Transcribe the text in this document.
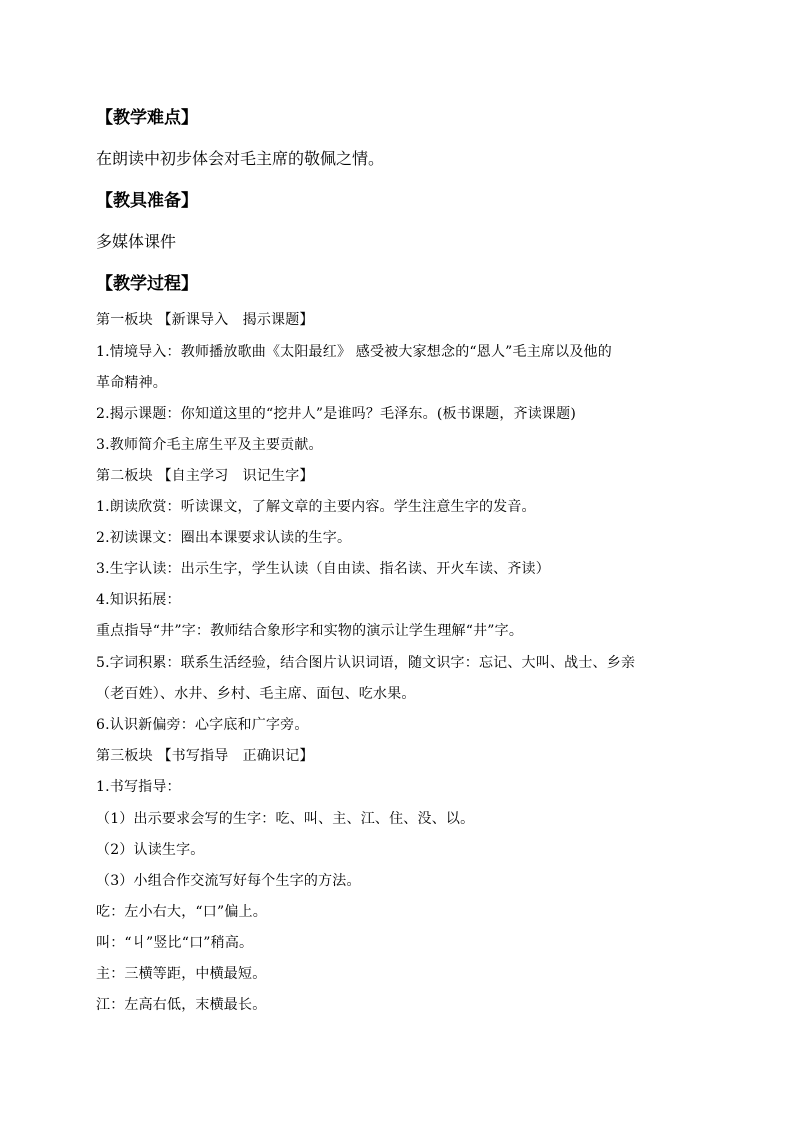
【教学难点】
在朗读中初步体会对毛主席的敬佩之情。
【教具准备】
多媒体课件
【教学过程】
第一板块 【新课导入　揭示课题】
1.情境导入：教师播放歌曲《太阳最红》 感受被大家想念的“恩人”毛主席以及他的
革命精神。
2.揭示课题：你知道这里的“挖井人”是谁吗？毛泽东。(板书课题，齐读课题)
3.教师简介毛主席生平及主要贡献。
第二板块 【自主学习　识记生字】
1.朗读欣赏：听读课文，了解文章的主要内容。学生注意生字的发音。
2.初读课文：圈出本课要求认读的生字。
3.生字认读：出示生字，学生认读（自由读、指名读、开火车读、齐读）
4.知识拓展：
重点指导“井”字：教师结合象形字和实物的演示让学生理解“井”字。
5.字词积累：联系生活经验，结合图片认识词语，随文识字：忘记、大叫、战士、乡亲
（老百姓）、水井、乡村、毛主席、面包、吃水果。
6.认识新偏旁：心字底和广字旁。
第三板块 【书写指导　正确识记】
1.书写指导：
（1）出示要求会写的生字：吃、叫、主、江、住、没、以。
（2）认读生字。
（3）小组合作交流写好每个生字的方法。
吃：左小右大，“口”偏上。
叫：“丩”竖比“口”稍高。
主：三横等距，中横最短。
江：左高右低，末横最长。
